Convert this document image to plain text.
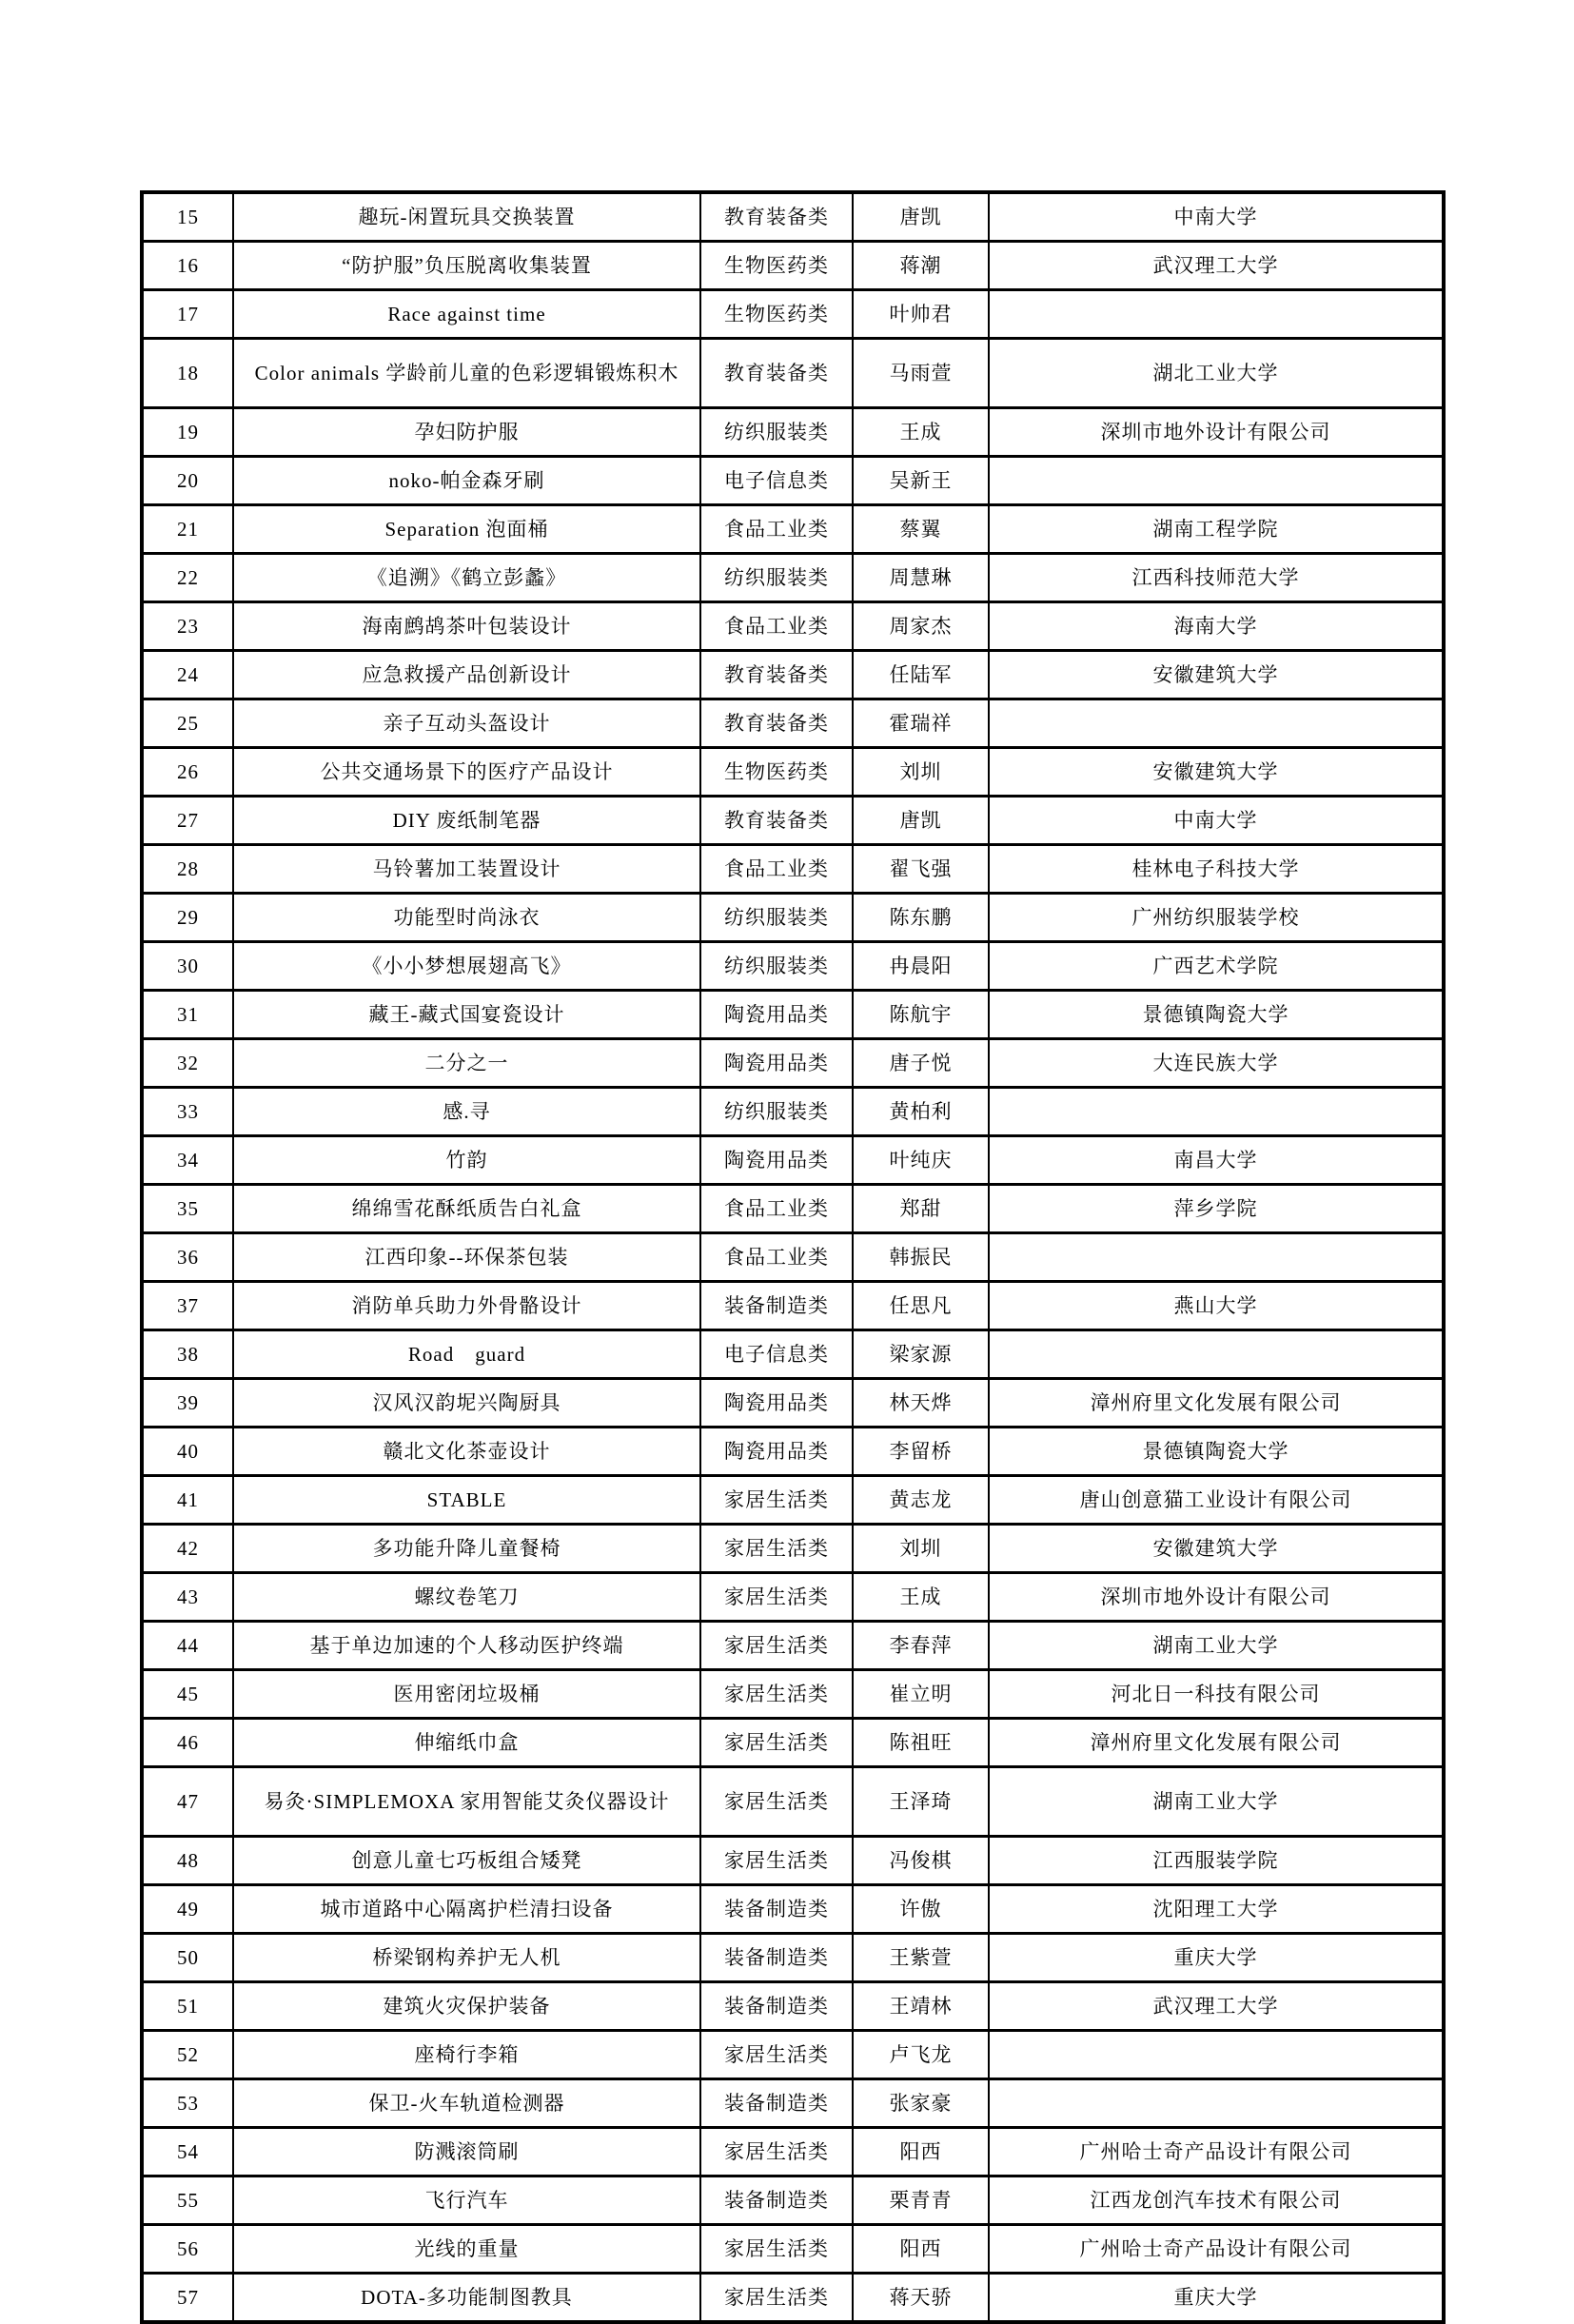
15	趣玩-闲置玩具交换装置	教育装备类	唐凯	中南大学
16	“防护服”负压脱离收集装置	生物医药类	蒋潮	武汉理工大学
17	Race against time	生物医药类	叶帅君	
18	Color animals 学龄前儿童的色彩逻辑锻炼积木	教育装备类	马雨萱	湖北工业大学
19	孕妇防护服	纺织服装类	王成	深圳市地外设计有限公司
20	noko-帕金森牙刷	电子信息类	吴新王	
21	Separation 泡面桶	食品工业类	蔡翼	湖南工程学院
22	《追溯》《鹤立彭蠡》	纺织服装类	周慧琳	江西科技师范大学
23	海南鹧鸪茶叶包装设计	食品工业类	周家杰	海南大学
24	应急救援产品创新设计	教育装备类	任陆军	安徽建筑大学
25	亲子互动头盔设计	教育装备类	霍瑞祥	
26	公共交通场景下的医疗产品设计	生物医药类	刘圳	安徽建筑大学
27	DIY 废纸制笔器	教育装备类	唐凯	中南大学
28	马铃薯加工装置设计	食品工业类	翟飞强	桂林电子科技大学
29	功能型时尚泳衣	纺织服装类	陈东鹏	广州纺织服装学校
30	《小小梦想展翅高飞》	纺织服装类	冉晨阳	广西艺术学院
31	藏王-藏式国宴瓷设计	陶瓷用品类	陈航宇	景德镇陶瓷大学
32	二分之一	陶瓷用品类	唐子悦	大连民族大学
33	感.寻	纺织服装类	黄柏利	
34	竹韵	陶瓷用品类	叶纯庆	南昌大学
35	绵绵雪花酥纸质告白礼盒	食品工业类	郑甜	萍乡学院
36	江西印象--环保茶包装	食品工业类	韩振民	
37	消防单兵助力外骨骼设计	装备制造类	任思凡	燕山大学
38	Road　guard	电子信息类	梁家源	
39	汉风汉韵坭兴陶厨具	陶瓷用品类	林天烨	漳州府里文化发展有限公司
40	赣北文化茶壶设计	陶瓷用品类	李留桥	景德镇陶瓷大学
41	STABLE	家居生活类	黄志龙	唐山创意猫工业设计有限公司
42	多功能升降儿童餐椅	家居生活类	刘圳	安徽建筑大学
43	螺纹卷笔刀	家居生活类	王成	深圳市地外设计有限公司
44	基于单边加速的个人移动医护终端	家居生活类	李春萍	湖南工业大学
45	医用密闭垃圾桶	家居生活类	崔立明	河北日一科技有限公司
46	伸缩纸巾盒	家居生活类	陈祖旺	漳州府里文化发展有限公司
47	易灸·SIMPLEMOXA 家用智能艾灸仪器设计	家居生活类	王泽琦	湖南工业大学
48	创意儿童七巧板组合矮凳	家居生活类	冯俊棋	江西服装学院
49	城市道路中心隔离护栏清扫设备	装备制造类	许傲	沈阳理工大学
50	桥梁钢构养护无人机	装备制造类	王紫萱	重庆大学
51	建筑火灾保护装备	装备制造类	王靖林	武汉理工大学
52	座椅行李箱	家居生活类	卢飞龙	
53	保卫-火车轨道检测器	装备制造类	张家豪	
54	防溅滚筒刷	家居生活类	阳西	广州哈士奇产品设计有限公司
55	飞行汽车	装备制造类	栗青青	江西龙创汽车技术有限公司
56	光线的重量	家居生活类	阳西	广州哈士奇产品设计有限公司
57	DOTA-多功能制图教具	家居生活类	蒋天骄	重庆大学
